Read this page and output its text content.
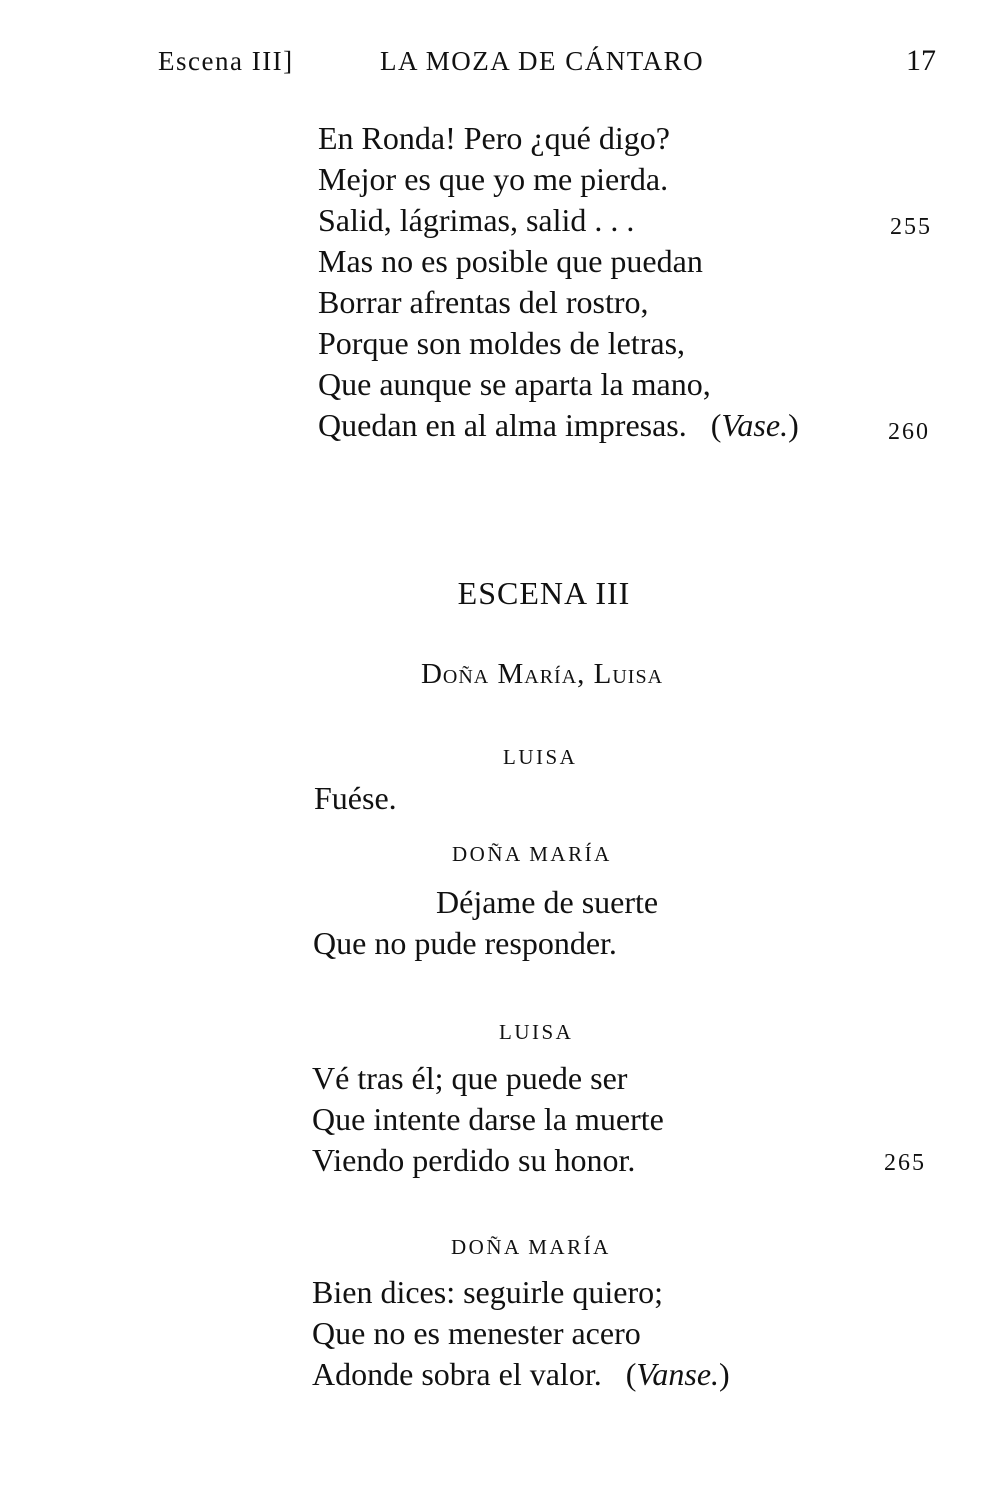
Escena III]	LA MOZA DE CÁNTARO	17
En Ronda! Pero ¿qué digo?
Mejor es que yo me pierda.
Salid, lágrimas, salid . . .
Mas no es posible que puedan
Borrar afrentas del rostro,
Porque son moldes de letras,
Que aunque se aparta la mano,
Quedan en al alma impresas. (Vase.)
255
260
ESCENA III
Doña María, Luisa
LUISA
Fuése.
DOÑA MARÍA
Déjame de suerte
Que no pude responder.
LUISA
Vé tras él; que puede ser
Que intente darse la muerte
Viendo perdido su honor.	265
DOÑA MARÍA
Bien dices: seguirle quiero;
Que no es menester acero
Adonde sobra el valor. (Vanse.)
